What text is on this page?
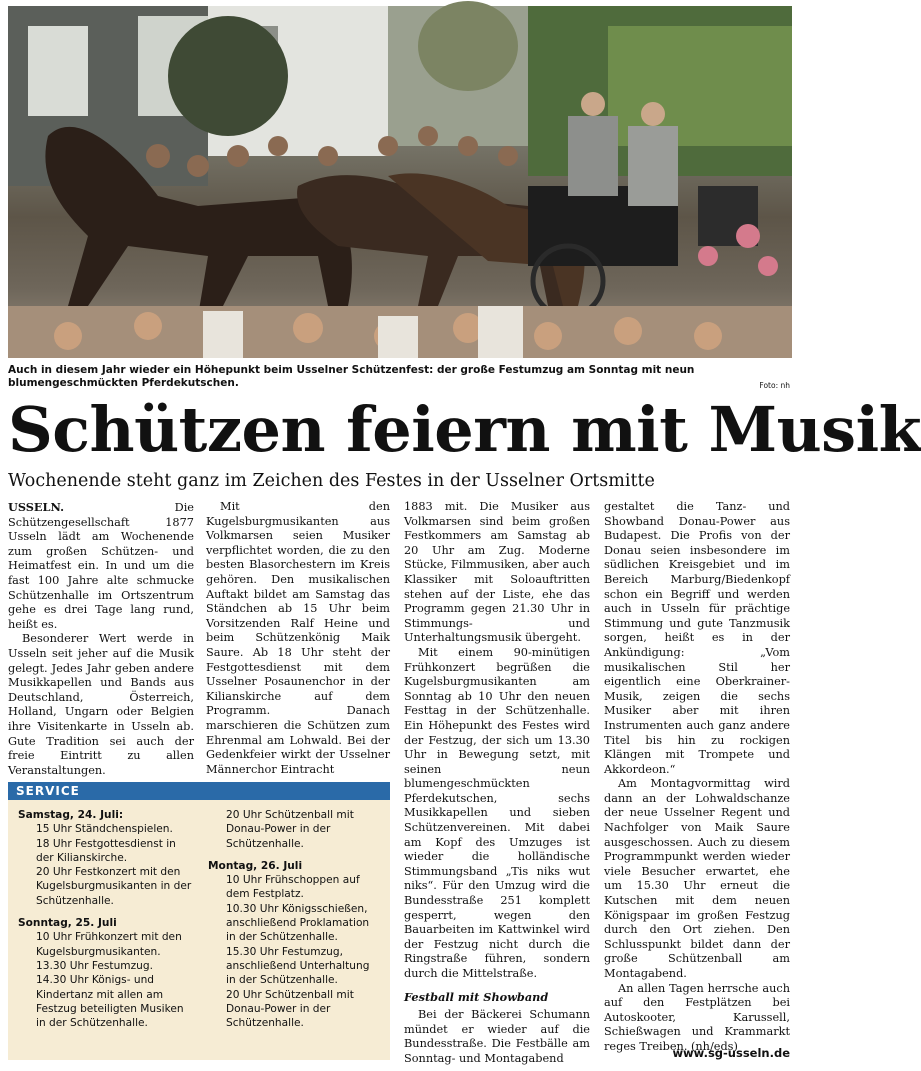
Auch in diesem Jahr wieder ein Höhepunkt beim Usselner Schützenfest: der große Festumzug am Sonntag mit neun blumengeschmückten Pferdekutschen.	Foto: nh
Schützen feiern mit Musik
Wochenende steht ganz im Zeichen des Festes in der Usselner Ortsmitte

USSELN.	Die Schützengesellschaft 1877 Usseln lädt am Wochenende zum großen Schützen- und Heimatfest ein. In und um die fast 100 Jahre alte schmucke Schützenhalle im Ortszentrum gehe es drei Tage lang rund, heißt es.

Besonderer Wert werde in Usseln seit jeher auf die Musik gelegt. Jedes Jahr geben andere Musikkapellen und Bands aus Deutschland, Österreich, Holland, Ungarn oder Belgien ihre Visitenkarte in Usseln ab. Gute Tradition sei auch der freie Eintritt zu allen Veranstaltungen.

Mit den Kugelsburgmusikanten aus Volkmarsen seien Musiker verpflichtet worden, die zu den besten Blasorchestern im Kreis gehören. Den musikalischen Auftakt bildet am Samstag das Ständchen ab 15 Uhr beim Vorsitzenden Ralf Heine und beim Schützenkönig Maik Saure. Ab 18 Uhr steht der Festgottesdienst mit dem Usselner Posaunenchor in der Kilianskirche auf dem Programm. Danach marschieren die Schützen zum Ehrenmal am Lohwald. Bei der Gedenkfeier wirkt der Usselner Männerchor Eintracht

1883 mit. Die Musiker aus Volkmarsen sind beim großen Festkommers am Samstag ab 20 Uhr am Zug. Moderne Stücke, Filmmusiken, aber auch Klassiker mit Soloauftritten stehen auf der Liste, ehe das Programm gegen 21.30 Uhr in Stimmungs- und Unterhaltungsmusik übergeht.

Mit einem 90-minütigen Frühkonzert begrüßen die Kugelsburgmusikanten am Sonntag ab 10 Uhr den neuen Festtag in der Schützenhalle. Ein Höhepunkt des Festes wird der Festzug, der sich um 13.30 Uhr in Bewegung setzt, mit seinen neun blumengeschmückten Pferdekutschen, sechs Musikkapellen und sieben Schützenvereinen. Mit dabei am Kopf des Umzuges ist wieder die holländische Stimmungsband „Tis niks wut niks“. Für den Umzug wird die Bundesstraße 251 komplett gesperrt, wegen den Bauarbeiten im Kattwinkel wird der Festzug nicht durch die Ringstraße führen, sondern durch die Mittelstraße.

Festball mit Showband

Bei der Bäckerei Schumann mündet er wieder auf die Bundesstraße. Die Festbälle am Sonntag- und Montagabend

gestaltet die Tanz- und Showband Donau-Power aus Budapest. Die Profis von der Donau seien insbesondere im südlichen Kreisgebiet und im Bereich Marburg/Biedenkopf schon ein Begriff und werden auch in Usseln für prächtige Stimmung und gute Tanzmusik sorgen, heißt es in der Ankündigung: „Vom musikalischen Stil her eigentlich eine Oberkrainer-Musik, zeigen die sechs Musiker aber mit ihren Instrumenten auch ganz andere Titel bis hin zu rockigen Klängen mit Trompete und Akkordeon.“

Am Montagvormittag wird dann an der Lohwaldschanze der neue Usselner Regent und Nachfolger von Maik Saure ausgeschossen. Auch zu diesem Programmpunkt werden wieder viele Besucher erwartet, ehe um 15.30 Uhr erneut die Kutschen mit dem neuen Königspaar im großen Festzug durch den Ort ziehen. Den Schlusspunkt bildet dann der große Schützenball am Montagabend.

An allen Tagen herrsche auch auf den Festplätzen bei Autoskooter, Karussell, Schießwagen und Krammarkt reges Treiben. (nh/eds)

www.sg-usseln.de
SERVICE

Samstag, 24. Juli:

15 Uhr Ständchenspielen.

18 Uhr Festgottesdienst in der Kilianskirche.

20 Uhr Festkonzert mit den Kugelsburgmusikanten in der Schützenhalle.

Sonntag, 25. Juli

10 Uhr Frühkonzert mit den Kugelsburgmusikanten.

13.30 Uhr Festumzug.

14.30 Uhr Königs- und Kindertanz mit allen am Festzug beteiligten Musiken in der Schützenhalle.

20 Uhr Schützenball mit Donau-Power in der Schützenhalle.

Montag, 26. Juli

10 Uhr Frühschoppen auf dem Festplatz.

10.30 Uhr Königsschießen, anschließend Proklamation in der Schützenhalle.

15.30 Uhr Festumzug, anschließend Unterhaltung in der Schützenhalle.

20 Uhr Schützenball mit Donau-Power in der Schützenhalle.
